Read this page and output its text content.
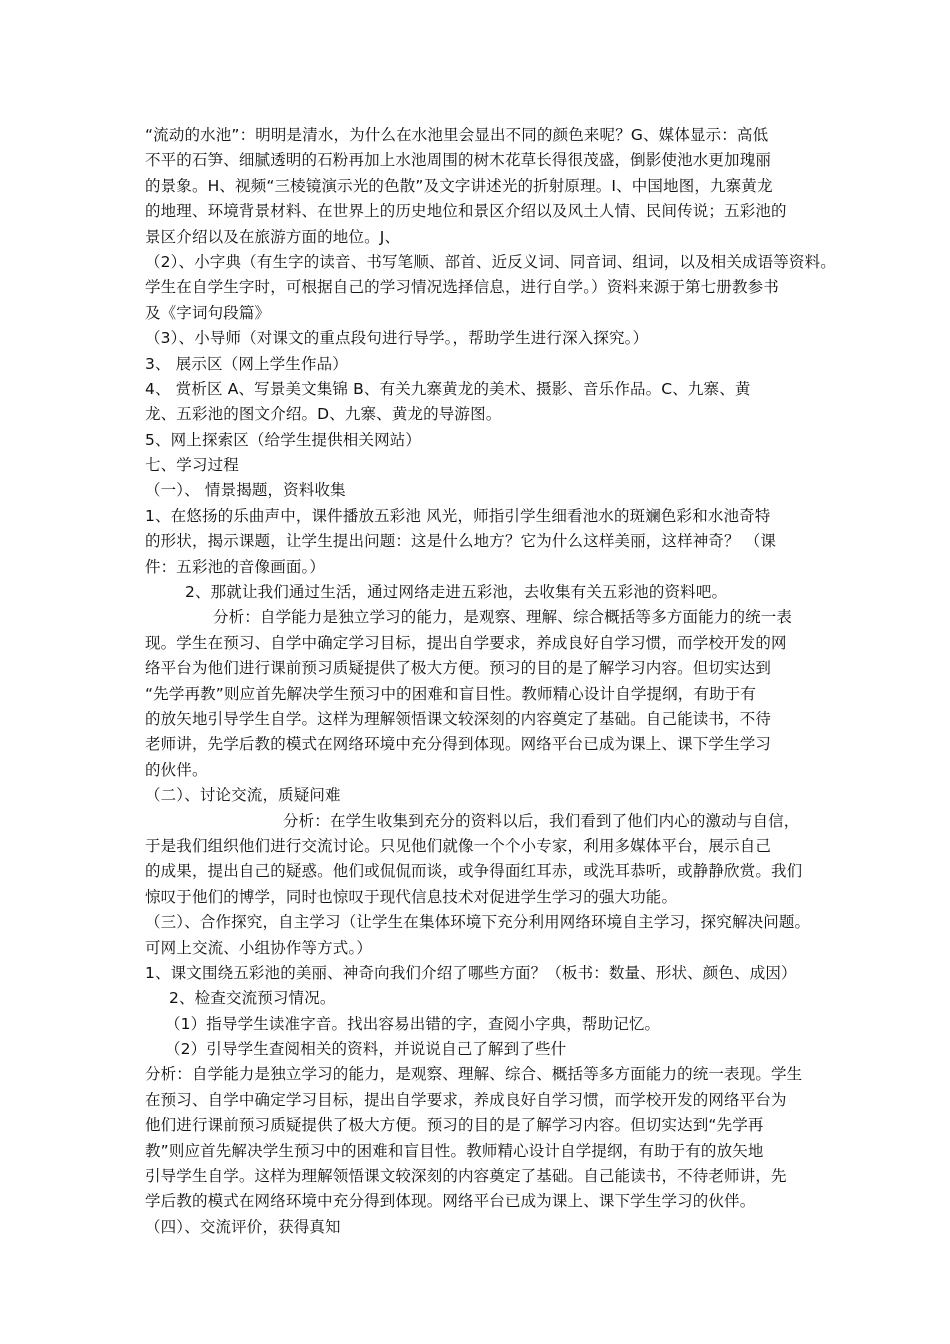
“流动的水池”：明明是清水，为什么在水池里会显出不同的颜色来呢？G、媒体显示：高低
不平的石笋、细腻透明的石粉再加上水池周围的树木花草长得很茂盛，倒影使池水更加瑰丽
的景象。H、视频“三棱镜演示光的色散”及文字讲述光的折射原理。I、中国地图，九寨黄龙
的地理、环境背景材料、在世界上的历史地位和景区介绍以及风土人情、民间传说；五彩池的
景区介绍以及在旅游方面的地位。J、
（2）、小字典（有生字的读音、书写笔顺、部首、近反义词、同音词、组词，以及相关成语等资料。
学生在自学生字时，可根据自己的学习情况选择信息，进行自学。）资料来源于第七册教参书
及《字词句段篇》
（3）、小导师（对课文的重点段句进行导学。，帮助学生进行深入探究。）
3、 展示区（网上学生作品）
4、 赏析区 A、写景美文集锦 B、有关九寨黄龙的美术、摄影、音乐作品。C、九寨、黄
龙、五彩池的图文介绍。D、九寨、黄龙的导游图。
5、网上探索区（给学生提供相关网站）
七、学习过程
（一）、 情景揭题，资料收集
1、在悠扬的乐曲声中，课件播放五彩池 风光，师指引学生细看池水的斑斓色彩和水池奇特
的形状，揭示课题，让学生提出问题：这是什么地方？它为什么这样美丽，这样神奇？ （课
件：五彩池的音像画面。）
2、那就让我们通过生活，通过网络走进五彩池，去收集有关五彩池的资料吧。
分析：自学能力是独立学习的能力，是观察、理解、综合概括等多方面能力的统一表
现。学生在预习、自学中确定学习目标，提出自学要求，养成良好自学习惯，而学校开发的网
络平台为他们进行课前预习质疑提供了极大方便。预习的目的是了解学习内容。但切实达到
“先学再教”则应首先解决学生预习中的困难和盲目性。教师精心设计自学提纲，有助于有
的放矢地引导学生自学。这样为理解领悟课文较深刻的内容奠定了基础。自己能读书，不待
老师讲，先学后教的模式在网络环境中充分得到体现。网络平台已成为课上、课下学生学习
的伙伴。
（二）、讨论交流，质疑问难
分析：在学生收集到充分的资料以后，我们看到了他们内心的激动与自信，
于是我们组织他们进行交流讨论。只见他们就像一个个小专家，利用多媒体平台，展示自己
的成果，提出自己的疑惑。他们或侃侃而谈，或争得面红耳赤，或洗耳恭听，或静静欣赏。我们
惊叹于他们的博学，同时也惊叹于现代信息技术对促进学生学习的强大功能。
（三）、合作探究，自主学习（让学生在集体环境下充分利用网络环境自主学习，探究解决问题。
可网上交流、小组协作等方式。）
1、课文围绕五彩池的美丽、神奇向我们介绍了哪些方面？（板书：数量、形状、颜色、成因）
2、检查交流预习情况。
（1）指导学生读准字音。找出容易出错的字，查阅小字典，帮助记忆。
（2）引导学生查阅相关的资料，并说说自己了解到了些什
分析：自学能力是独立学习的能力，是观察、理解、综合、概括等多方面能力的统一表现。学生
在预习、自学中确定学习目标，提出自学要求，养成良好自学习惯，而学校开发的网络平台为
他们进行课前预习质疑提供了极大方便。预习的目的是了解学习内容。但切实达到“先学再
教”则应首先解决学生预习中的困难和盲目性。教师精心设计自学提纲，有助于有的放矢地
引导学生自学。这样为理解领悟课文较深刻的内容奠定了基础。自己能读书，不待老师讲，先
学后教的模式在网络环境中充分得到体现。网络平台已成为课上、课下学生学习的伙伴。
（四）、交流评价，获得真知
